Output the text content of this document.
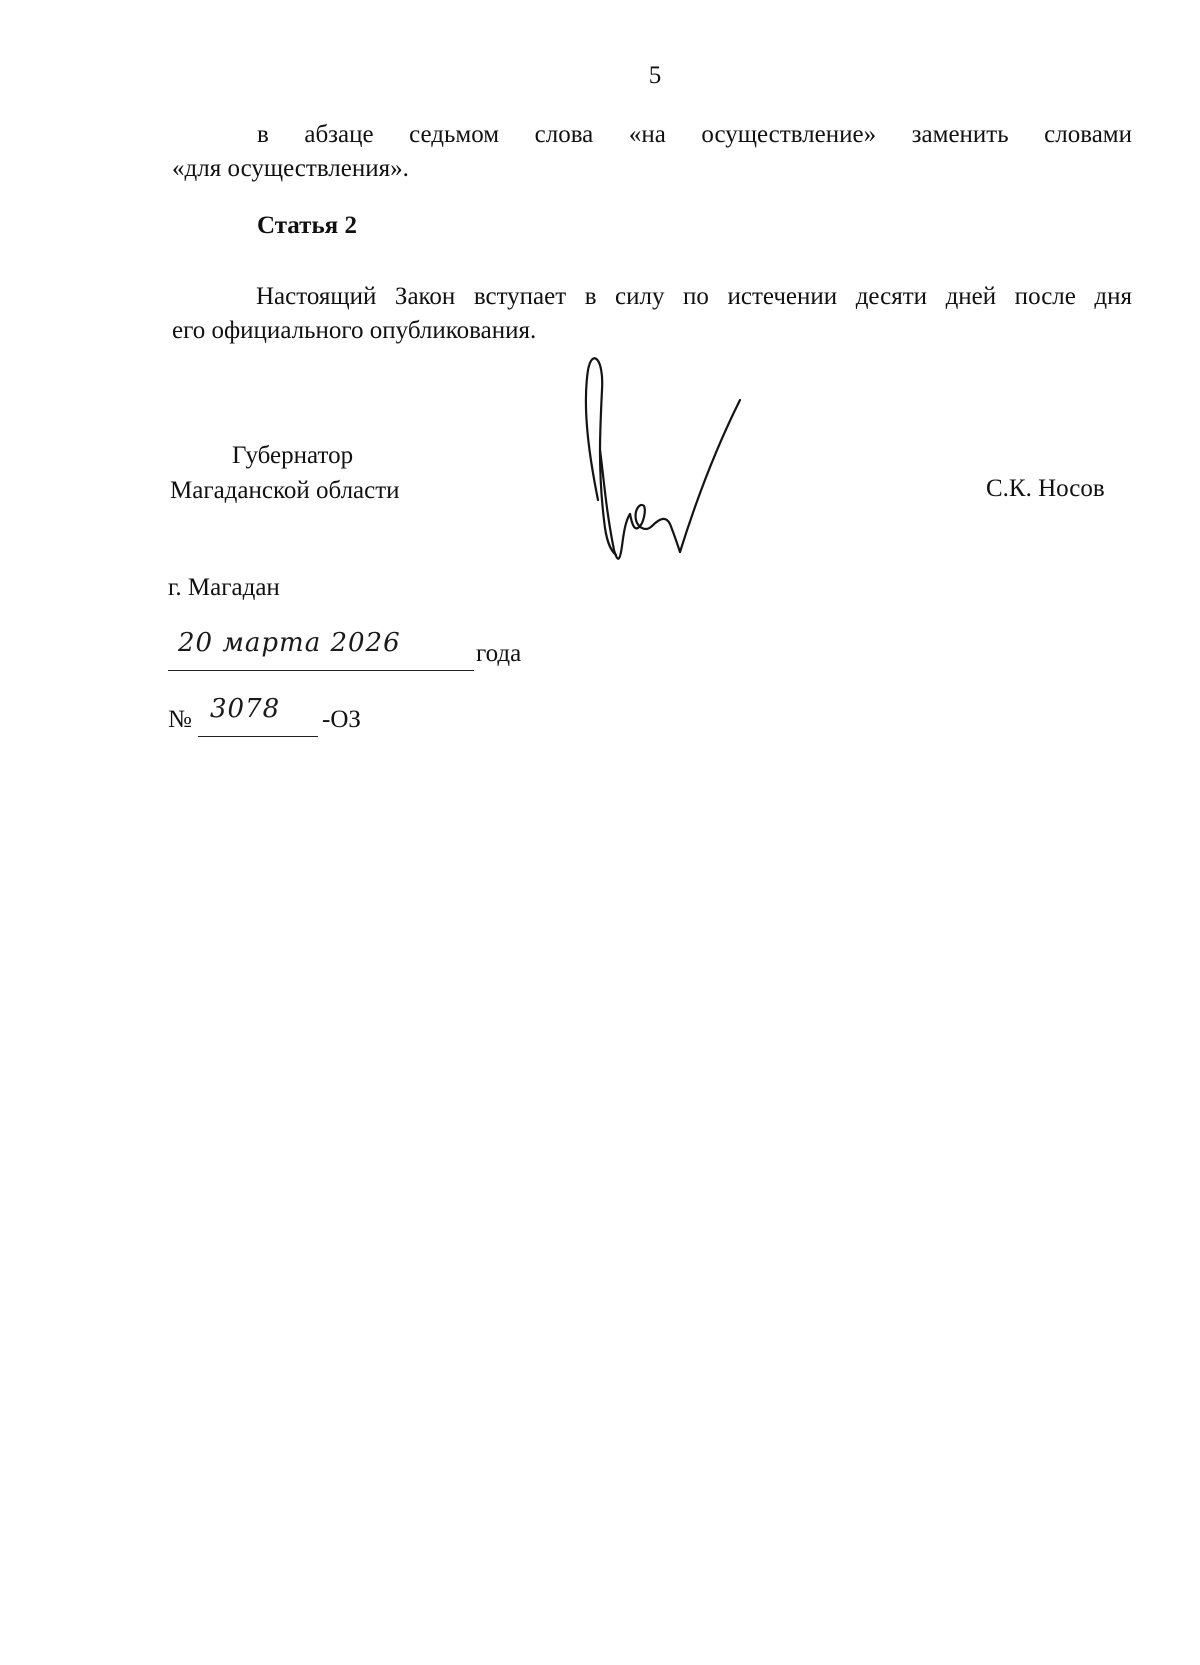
5
в абзаце седьмом слова «на осуществление» заменить словами
«для осуществления».
Статья 2
Настоящий Закон вступает в силу по истечении десяти дней после дня
его официального опубликования.
Губернатор
Магаданской области	С.К. Носов
г. Магадан
20 марта 2026	года
№ 3078 -ОЗ
